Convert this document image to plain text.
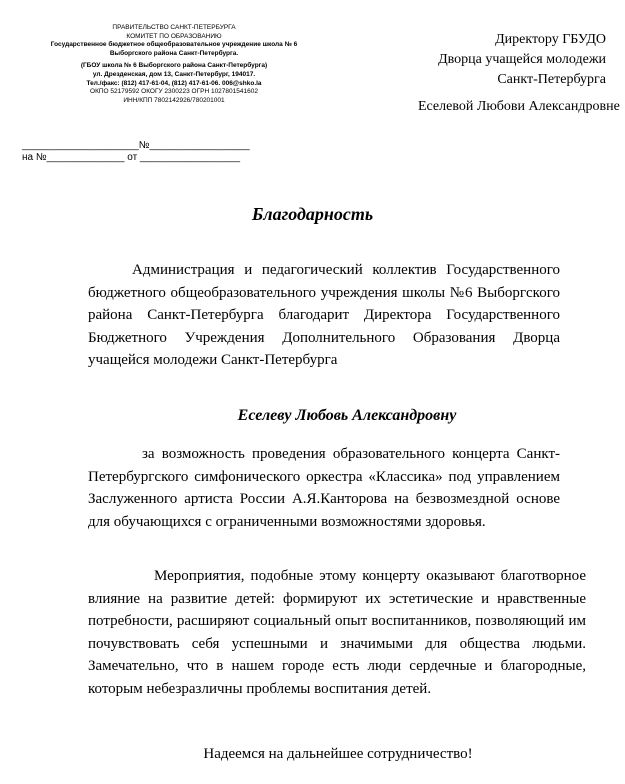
ПРАВИТЕЛЬСТВО САНКТ-ПЕТЕРБУРГА
КОМИТЕТ ПО ОБРАЗОВАНИЮ
Государственное бюджетное общеобразовательное учреждение школа № 6
Выборгского района Санкт-Петербурга.
(ГБОУ школа № 6 Выборгского района Санкт-Петербурга)
ул. Дрезденская, дом 13, Санкт-Петербург, 194017.
Тел./факс: (812) 417-61-04, (812) 417-61-06. 006@shko.la
ОКПО 52179592 ОКОГУ 2300223 ОГРН 1027801541602
ИНН/КПП 7802142926/780201001
Директору ГБУДО
Дворца учащейся молодежи
Санкт-Петербурга
Еселевой Любови Александровне
_____________________№__________________
на №______________ от __________________
Благодарность
Администрация и педагогический коллектив Государственного бюджетного общеобразовательного учреждения школы №6 Выборгского района Санкт-Петербурга благодарит Директора Государственного Бюджетного Учреждения Дополнительного Образования Дворца учащейся молодежи Санкт-Петербурга
Еселеву Любовь Александровну
за возможность проведения образовательного концерта Санкт-Петербургского симфонического оркестра «Классика» под управлением Заслуженного артиста России А.Я.Канторова на безвозмездной основе для обучающихся с ограниченными возможностями здоровья.
Мероприятия, подобные этому концерту оказывают благотворное влияние на развитие детей: формируют их эстетические и нравственные потребности, расширяют социальный опыт воспитанников, позволяющий им почувствовать себя успешными и значимыми для общества людьми. Замечательно, что в нашем городе есть люди сердечные и благородные, которым небезразличны проблемы воспитания детей.
Надеемся на дальнейшее сотрудничество!
